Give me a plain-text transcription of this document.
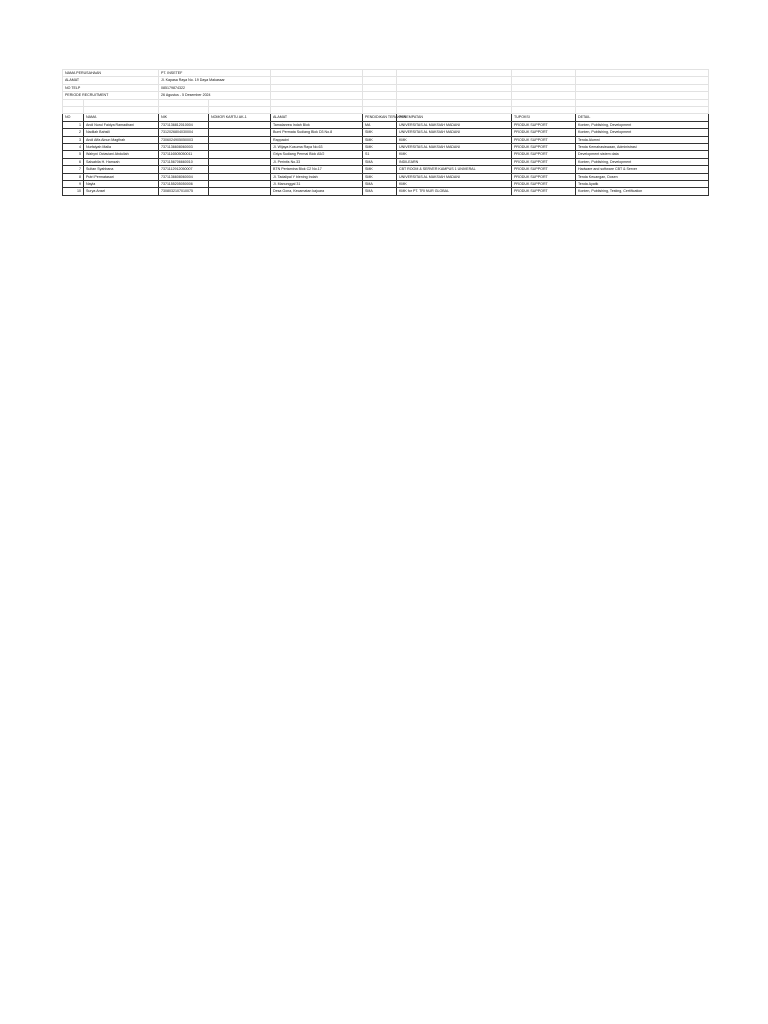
NAMA PERUSAHAAN		PT. INSETEF						
ALAMAT		Jl. Kapasa Raya No. 19 Daya Makassar						
NO TELP		085179874322						
PERIODE RECRUITMENT		26 Agustus - 5 Desember 2024						

NO	NAMA	NIK	NOMOR KARTU AK-1	ALAMAT	PENDIDIKAN TERAKHIR	PENEMPATAN	TUPOKSI	DETAIL
1	Andi Nurul Faidya Ramadhani	7371136812010004		Tamalanrea Indah Blok	MA	UNIVERSITAS AL MAKSIAH MADANI	PRODUK SUPPORT	Konten, Publishing, Development
2	Nadilah Bahsili	7312026804030004		Bumi Permata Sudiang Blok D3 No.8	SMK	UNIVERSITAS AL MAKSIAH MADANI	PRODUK SUPPORT	Konten, Publishing, Development
3	Andi Affa Ainun Magfirah	7306024905050003		Rappacini	SMK	KMK	PRODUK SUPPORT	Tenda Alumni
4	Nurfaiyah Malla	7371136608060003		Jl. Wijaya Kusuma Raya No.63	SMK	UNIVERSITAS AL MAKSIAH MADANI	PRODUK SUPPORT	Tenda Kemahasiswaan, Administrasi
5	Wahyni Octaviani Abdullah	7371116505050011		Griya Sudiang Permai Blok A5/2	S1	KMK	PRODUK SUPPORT	Development sistem data
6	Salsabila H. Hamzah	7371156706660010		Jl. Perintis No.33	SMA	INDILEARN	PRODUK SUPPORT	Konten, Publishing, Development
7	Sultan Syahbana	7371112912050007		BTN Pertamina Blok C2 No.17	SMK	CBT ROOM & SERVER KAMPUS 1 UNIVERAL	PRODUK SUPPORT	Hadware and software CBT & Server
8	Putri Permatasari	7371136608060004		Jl. Tadalipal Y blening Indah	SMK	UNIVERSITAS AL MAKSIAH MADANI	PRODUK SUPPORT	Tenda Keuangan, Dosen
9	Nayla	7371155205050006		Jl. Manunggal 31	SMA	KMK	PRODUK SUPPORT	Tenda Ayatik
10	Surya Ansel	7308032107010075		Desa Gona, Kecamatan kajuara	SMA	KMK for PT. TRI NUR GLOBAL	PRODUK SUPPORT	Konten, Publishing, Testing, Certification
